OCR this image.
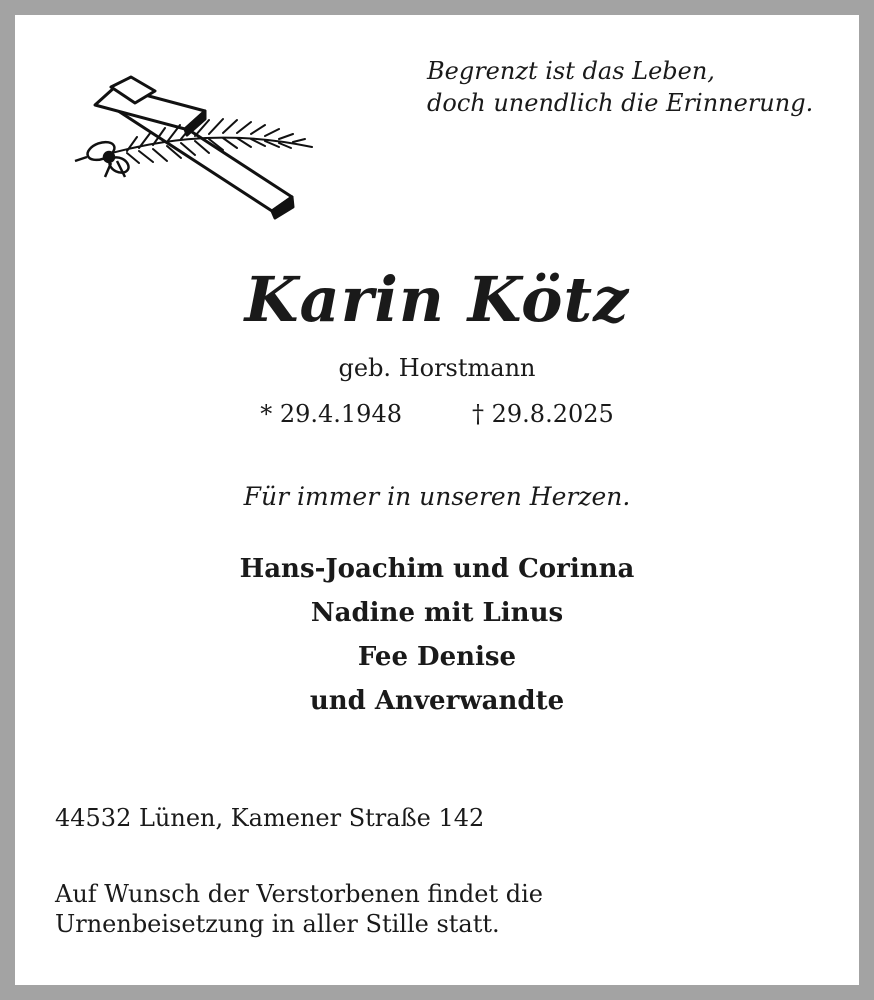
Begrenzt ist das Leben,
doch unendlich die Erinnerung.
Karin Kötz
geb. Horstmann
* 29.4.1948	† 29.8.2025
Für immer in unseren Herzen.
Hans-Joachim und Corinna
Nadine mit Linus
Fee Denise
und Anverwandte
44532 Lünen, Kamener Straße 142
Auf Wunsch der Verstorbenen findet die
Urnenbeisetzung in aller Stille statt.
